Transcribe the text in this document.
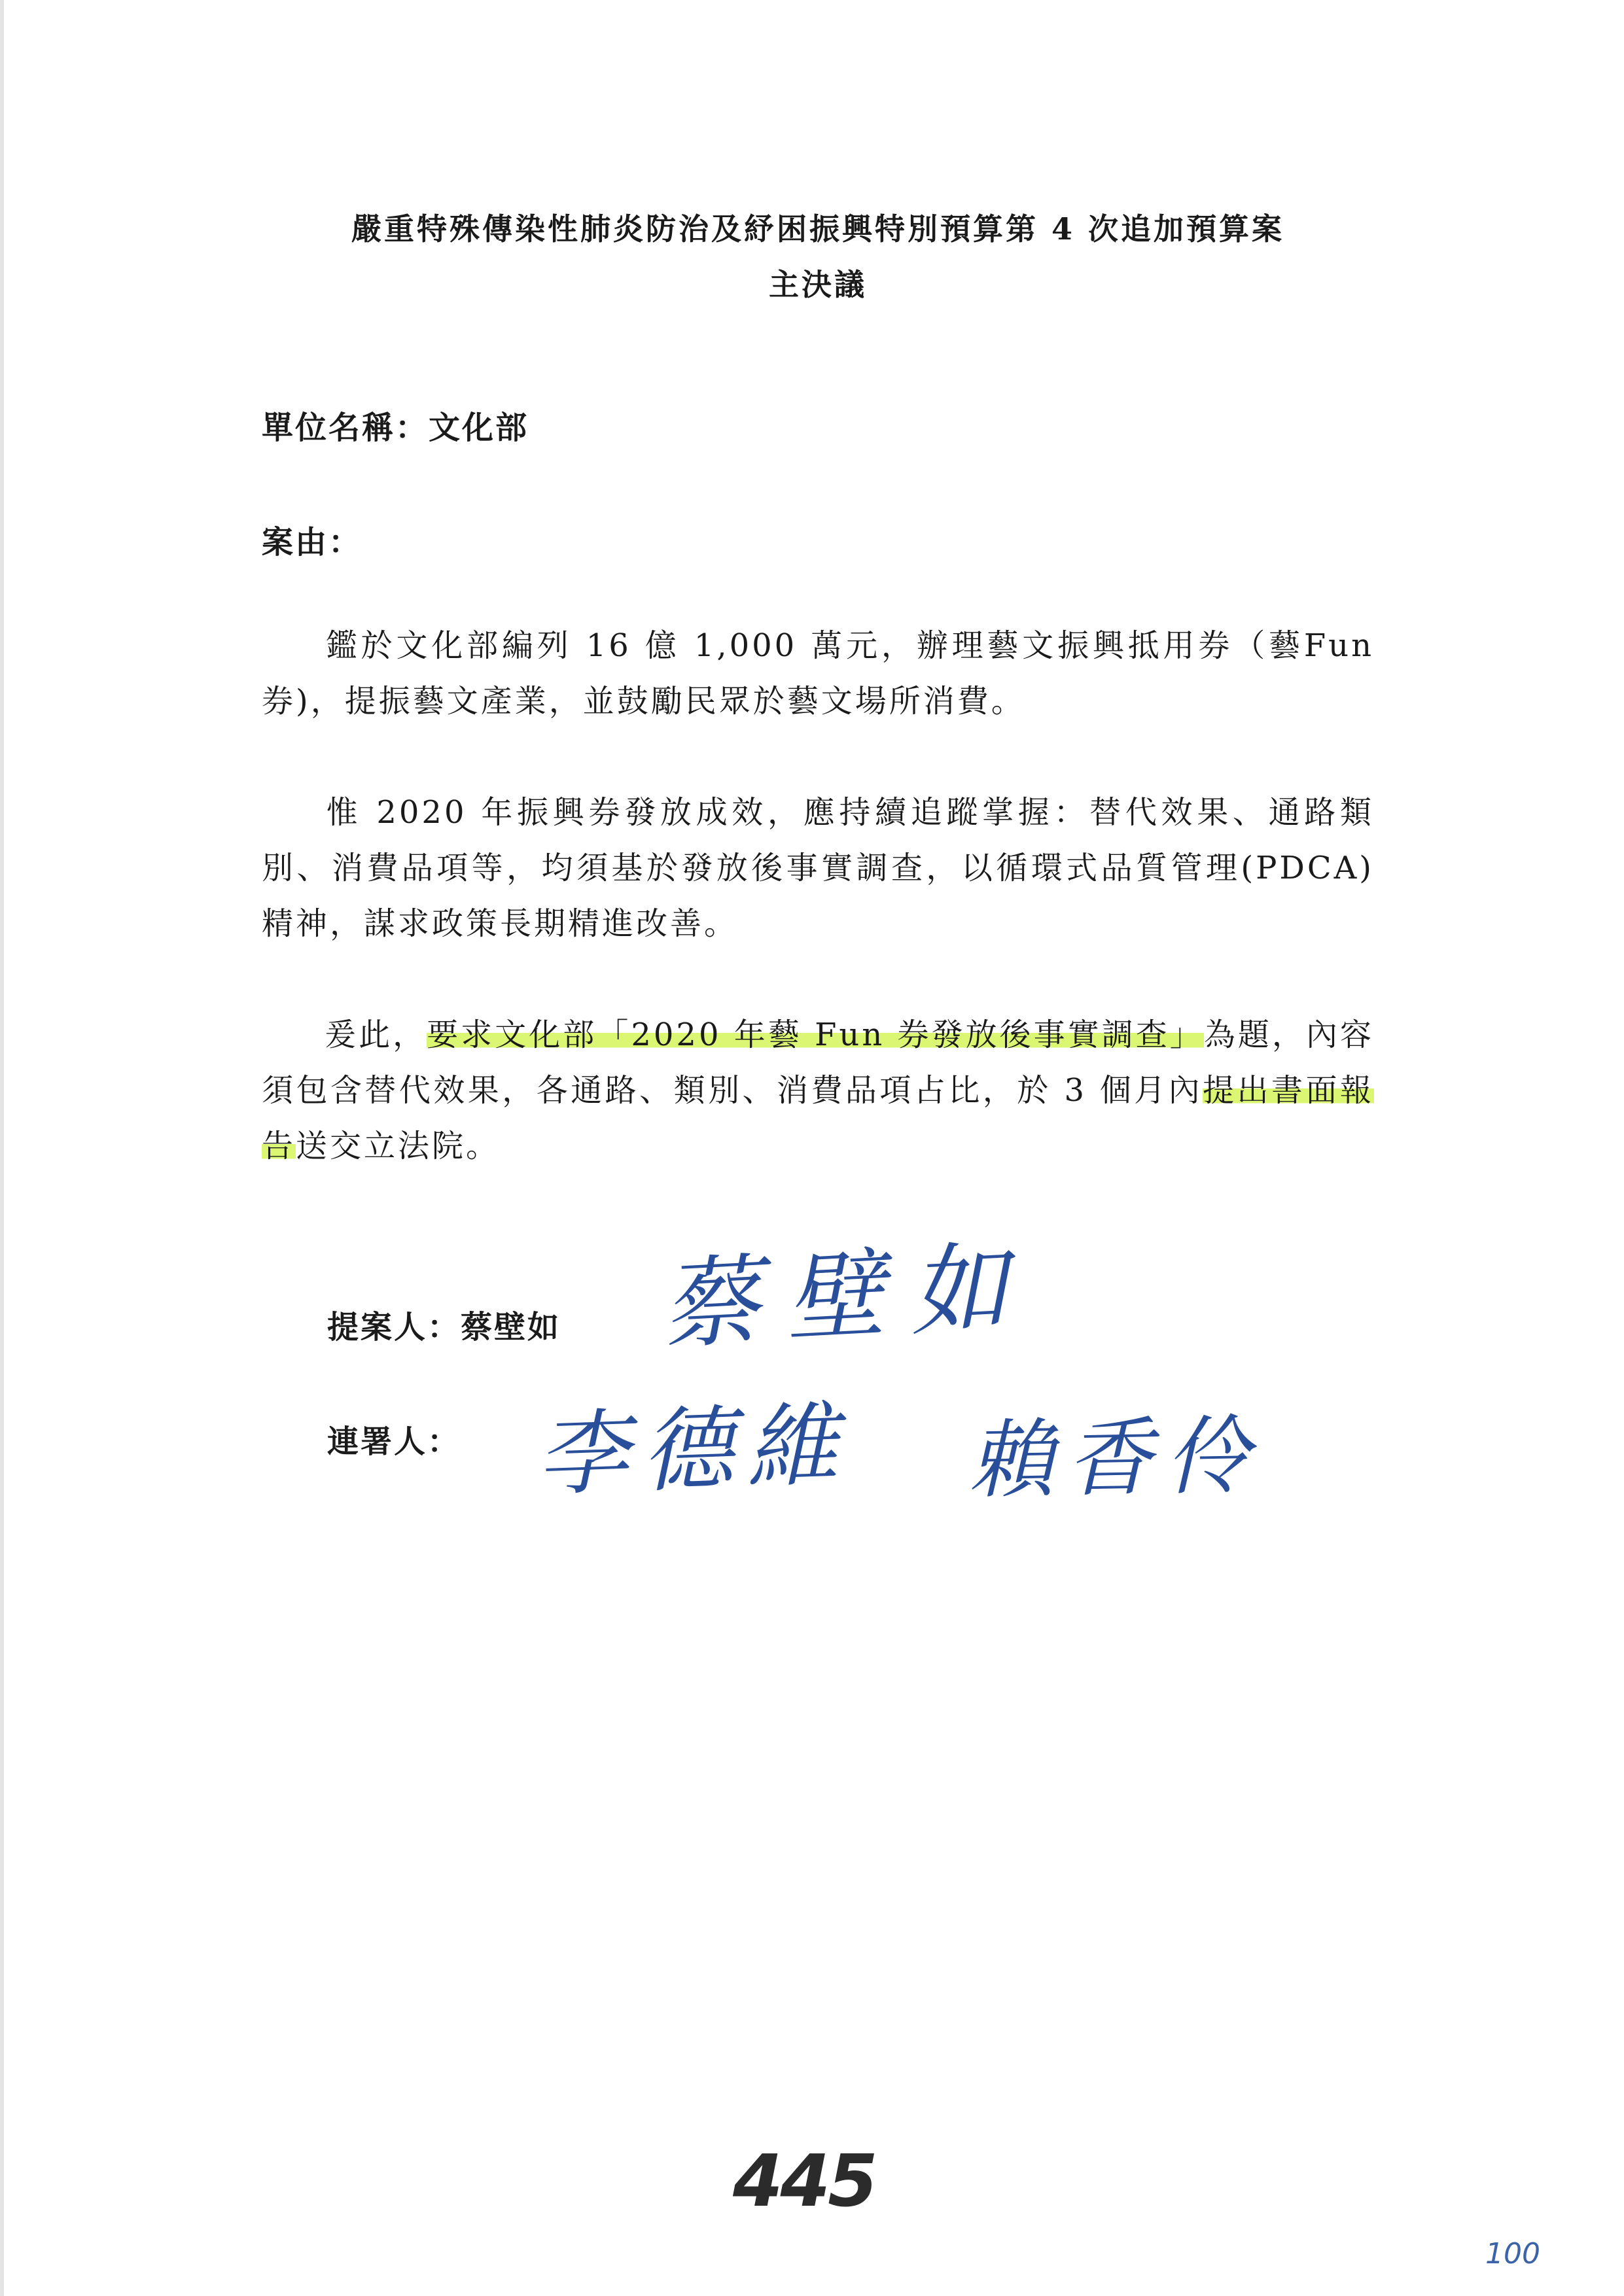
嚴重特殊傳染性肺炎防治及紓困振興特別預算第 4 次追加預算案
主決議
單位名稱：文化部
案由：
鑑於文化部編列 16 億 1,000 萬元，辦理藝文振興抵用券（藝Fun 券)，提振藝文產業，並鼓勵民眾於藝文場所消費。
惟 2020 年振興券發放成效，應持續追蹤掌握：替代效果、通路類別、消費品項等，均須基於發放後事實調查，以循環式品質管理(PDCA)精神，謀求政策長期精進改善。
爰此，要求文化部「2020 年藝 Fun 券發放後事實調查」為題，內容須包含替代效果，各通路、類別、消費品項占比，於 3 個月內提出書面報告送交立法院。
提案人：蔡壁如
連署人：
蔡壁如
李德維 賴香伶
445
100
